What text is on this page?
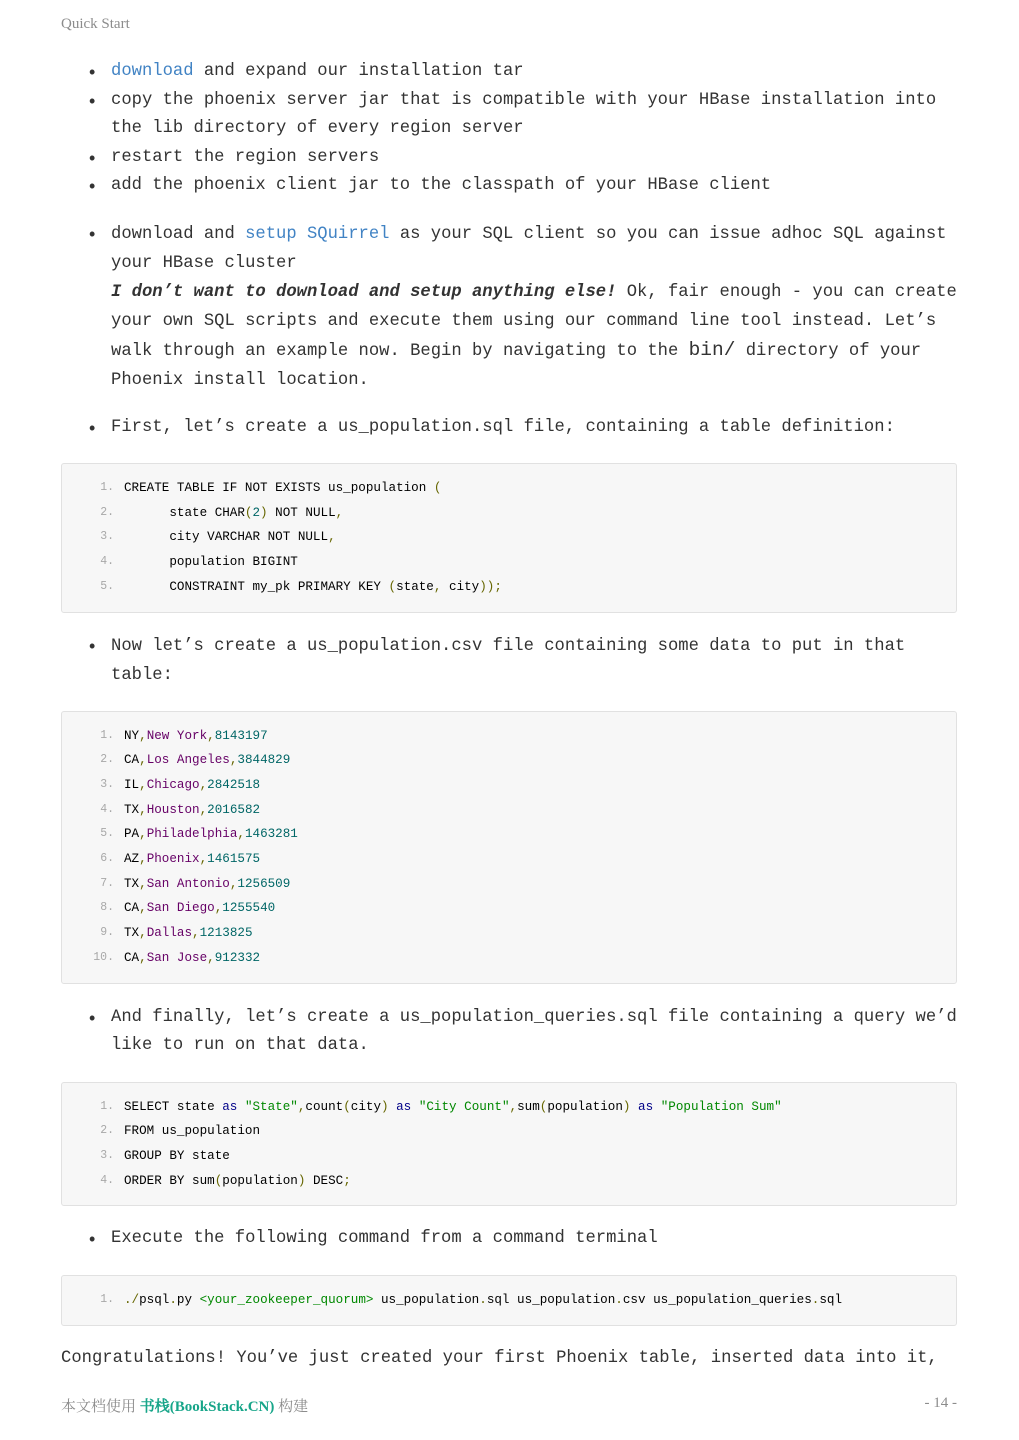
Quick Start
• download and expand our installation tar
• copy the phoenix server jar that is compatible with your HBase installation into the lib directory of every region server
• restart the region servers
• add the phoenix client jar to the classpath of your HBase client
• download and setup SQuirrel as your SQL client so you can issue adhoc SQL against your HBase cluster
I don’t want to download and setup anything else! Ok, fair enough - you can create your own SQL scripts and execute them using our command line tool instead. Let’s walk through an example now. Begin by navigating to the bin/ directory of your Phoenix install location.
• First, let’s create a us_population.sql file, containing a table definition:
1. CREATE TABLE IF NOT EXISTS us_population (
2. state CHAR(2) NOT NULL,
3. city VARCHAR NOT NULL,
4. population BIGINT
5. CONSTRAINT my_pk PRIMARY KEY (state, city));
• Now let’s create a us_population.csv file containing some data to put in that table:
1. NY,New York,8143197
2. CA,Los Angeles,3844829
3. IL,Chicago,2842518
4. TX,Houston,2016582
5. PA,Philadelphia,1463281
6. AZ,Phoenix,1461575
7. TX,San Antonio,1256509
8. CA,San Diego,1255540
9. TX,Dallas,1213825
10. CA,San Jose,912332
• And finally, let’s create a us_population_queries.sql file containing a query we’d like to run on that data.
1. SELECT state as "State",count(city) as "City Count",sum(population) as "Population Sum"
2. FROM us_population
3. GROUP BY state
4. ORDER BY sum(population) DESC;
• Execute the following command from a command terminal
1. ./psql.py <your_zookeeper_quorum> us_population.sql us_population.csv us_population_queries.sql
Congratulations! You’ve just created your first Phoenix table, inserted data into it,
本文档使用 书栈(BookStack.CN) 构建	- 14 -
